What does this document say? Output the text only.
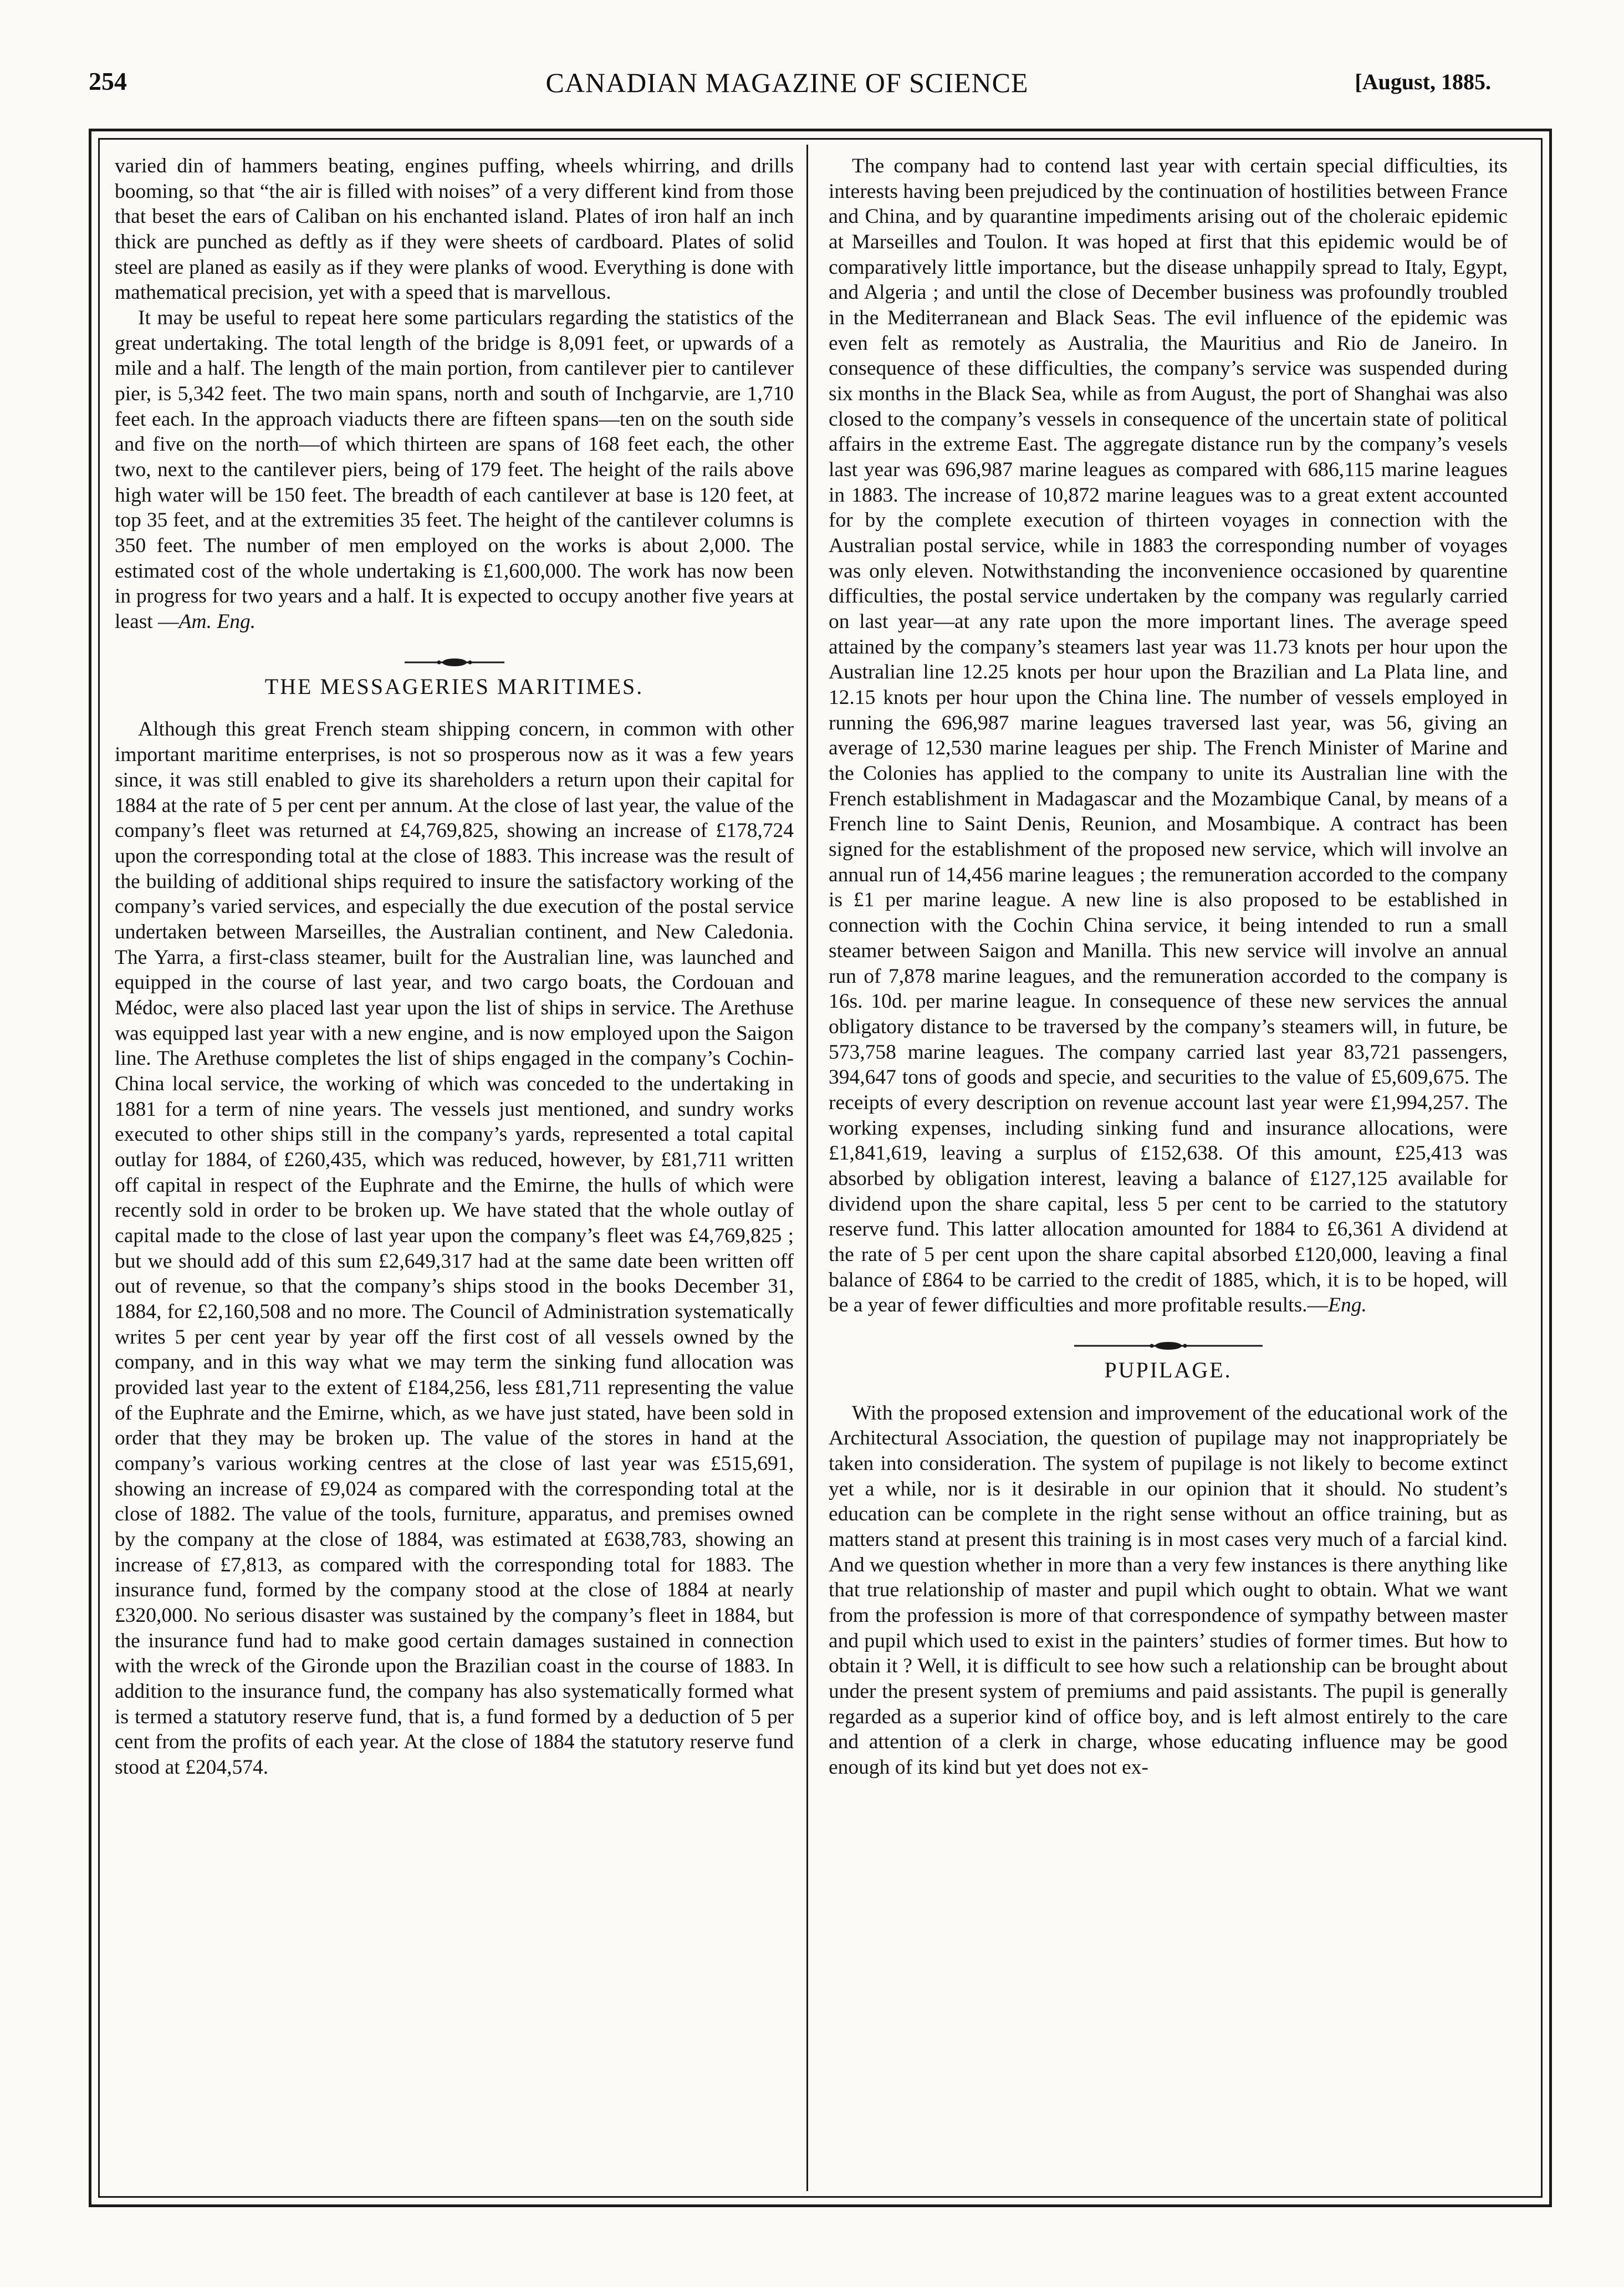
254	CANADIAN MAGAZINE OF SCIENCE	[August, 1885.

varied din of hammers beating, engines puffing, wheels whirring, and drills booming, so that “the air is filled with noises” of a very different kind from those that beset the ears of Caliban on his enchanted island. Plates of iron half an inch thick are punched as deftly as if they were sheets of cardboard. Plates of solid steel are planed as easily as if they were planks of wood. Everything is done with mathematical precision, yet with a speed that is marvellous.

It may be useful to repeat here some particulars regarding the statistics of the great undertaking. The total length of the bridge is 8,091 feet, or upwards of a mile and a half. The length of the main portion, from cantilever pier to cantilever pier, is 5,342 feet. The two main spans, north and south of Inchgarvie, are 1,710 feet each. In the approach viaducts there are fifteen spans—ten on the south side and five on the north—of which thirteen are spans of 168 feet each, the other two, next to the cantilever piers, being of 179 feet. The height of the rails above high water will be 150 feet. The breadth of each cantilever at base is 120 feet, at top 35 feet, and at the extremities 35 feet. The height of the cantilever columns is 350 feet. The number of men employed on the works is about 2,000. The estimated cost of the whole undertaking is £1,600,000. The work has now been in progress for two years and a half. It is expected to occupy another five years at least —Am. Eng.

THE MESSAGERIES MARITIMES.

Although this great French steam shipping concern, in common with other important maritime enterprises, is not so prosperous now as it was a few years since, it was still enabled to give its shareholders a return upon their capital for 1884 at the rate of 5 per cent per annum. At the close of last year, the value of the company’s fleet was returned at £4,769,825, showing an increase of £178,724 upon the corresponding total at the close of 1883. This increase was the result of the building of additional ships required to insure the satisfactory working of the company’s varied services, and especially the due execution of the postal service undertaken between Marseilles, the Australian continent, and New Caledonia. The Yarra, a first-class steamer, built for the Australian line, was launched and equipped in the course of last year, and two cargo boats, the Cordouan and Médoc, were also placed last year upon the list of ships in service. The Arethuse was equipped last year with a new engine, and is now employed upon the Saigon line. The Arethuse completes the list of ships engaged in the company’s Cochin-China local service, the working of which was conceded to the undertaking in 1881 for a term of nine years. The vessels just mentioned, and sundry works executed to other ships still in the company’s yards, represented a total capital outlay for 1884, of £260,435, which was reduced, however, by £81,711 written off capital in respect of the Euphrate and the Emirne, the hulls of which were recently sold in order to be broken up. We have stated that the whole outlay of capital made to the close of last year upon the company’s fleet was £4,769,825 ; but we should add of this sum £2,649,317 had at the same date been written off out of revenue, so that the company’s ships stood in the books December 31, 1884, for £2,160,508 and no more. The Council of Administration systematically writes 5 per cent year by year off the first cost of all vessels owned by the company, and in this way what we may term the sinking fund allocation was provided last year to the extent of £184,256, less £81,711 representing the value of the Euphrate and the Emirne, which, as we have just stated, have been sold in order that they may be broken up. The value of the stores in hand at the company’s various working centres at the close of last year was £515,691, showing an increase of £9,024 as compared with the corresponding total at the close of 1882. The value of the tools, furniture, apparatus, and premises owned by the company at the close of 1884, was estimated at £638,783, showing an increase of £7,813, as compared with the corresponding total for 1883. The insurance fund, formed by the company stood at the close of 1884 at nearly £320,000. No serious disaster was sustained by the company’s fleet in 1884, but the insurance fund had to make good certain damages sustained in connection with the wreck of the Gironde upon the Brazilian coast in the course of 1883. In addition to the insurance fund, the company has also systematically formed what is termed a statutory reserve fund, that is, a fund formed by a deduction of 5 per cent from the profits of each year. At the close of 1884 the statutory reserve fund stood at £204,574.

The company had to contend last year with certain special difficulties, its interests having been prejudiced by the continuation of hostilities between France and China, and by quarantine impediments arising out of the choleraic epidemic at Marseilles and Toulon. It was hoped at first that this epidemic would be of comparatively little importance, but the disease unhappily spread to Italy, Egypt, and Algeria ; and until the close of December business was profoundly troubled in the Mediterranean and Black Seas. The evil influence of the epidemic was even felt as remotely as Australia, the Mauritius and Rio de Janeiro. In consequence of these difficulties, the company’s service was suspended during six months in the Black Sea, while as from August, the port of Shanghai was also closed to the company’s vessels in consequence of the uncertain state of political affairs in the extreme East. The aggregate distance run by the company’s vesels last year was 696,987 marine leagues as compared with 686,115 marine leagues in 1883. The increase of 10,872 marine leagues was to a great extent accounted for by the complete execution of thirteen voyages in connection with the Australian postal service, while in 1883 the corresponding number of voyages was only eleven. Notwithstanding the inconvenience occasioned by quarentine difficulties, the postal service undertaken by the company was regularly carried on last year—at any rate upon the more important lines. The average speed attained by the company’s steamers last year was 11.73 knots per hour upon the Australian line 12.25 knots per hour upon the Brazilian and La Plata line, and 12.15 knots per hour upon the China line. The number of vessels employed in running the 696,987 marine leagues traversed last year, was 56, giving an average of 12,530 marine leagues per ship. The French Minister of Marine and the Colonies has applied to the company to unite its Australian line with the French establishment in Madagascar and the Mozambique Canal, by means of a French line to Saint Denis, Reunion, and Mosambique. A contract has been signed for the establishment of the proposed new service, which will involve an annual run of 14,456 marine leagues ; the remuneration accorded to the company is £1 per marine league. A new line is also proposed to be established in connection with the Cochin China service, it being intended to run a small steamer between Saigon and Manilla. This new service will involve an annual run of 7,878 marine leagues, and the remuneration accorded to the company is 16s. 10d. per marine league. In consequence of these new services the annual obligatory distance to be traversed by the company’s steamers will, in future, be 573,758 marine leagues. The company carried last year 83,721 passengers, 394,647 tons of goods and specie, and securities to the value of £5,609,675. The receipts of every description on revenue account last year were £1,994,257. The working expenses, including sinking fund and insurance allocations, were £1,841,619, leaving a surplus of £152,638. Of this amount, £25,413 was absorbed by obligation interest, leaving a balance of £127,125 available for dividend upon the share capital, less 5 per cent to be carried to the statutory reserve fund. This latter allocation amounted for 1884 to £6,361 A dividend at the rate of 5 per cent upon the share capital absorbed £120,000, leaving a final balance of £864 to be carried to the credit of 1885, which, it is to be hoped, will be a year of fewer difficulties and more profitable results.—Eng.

PUPILAGE.

With the proposed extension and improvement of the educational work of the Architectural Association, the question of pupilage may not inappropriately be taken into consideration. The system of pupilage is not likely to become extinct yet a while, nor is it desirable in our opinion that it should. No student’s education can be complete in the right sense without an office training, but as matters stand at present this training is in most cases very much of a farcial kind. And we question whether in more than a very few instances is there anything like that true relationship of master and pupil which ought to obtain. What we want from the profession is more of that correspondence of sympathy between master and pupil which used to exist in the painters’ studies of former times. But how to obtain it ? Well, it is difficult to see how such a relationship can be brought about under the present system of premiums and paid assistants. The pupil is generally regarded as a superior kind of office boy, and is left almost entirely to the care and attention of a clerk in charge, whose educating influence may be good enough of its kind but yet does not ex-
